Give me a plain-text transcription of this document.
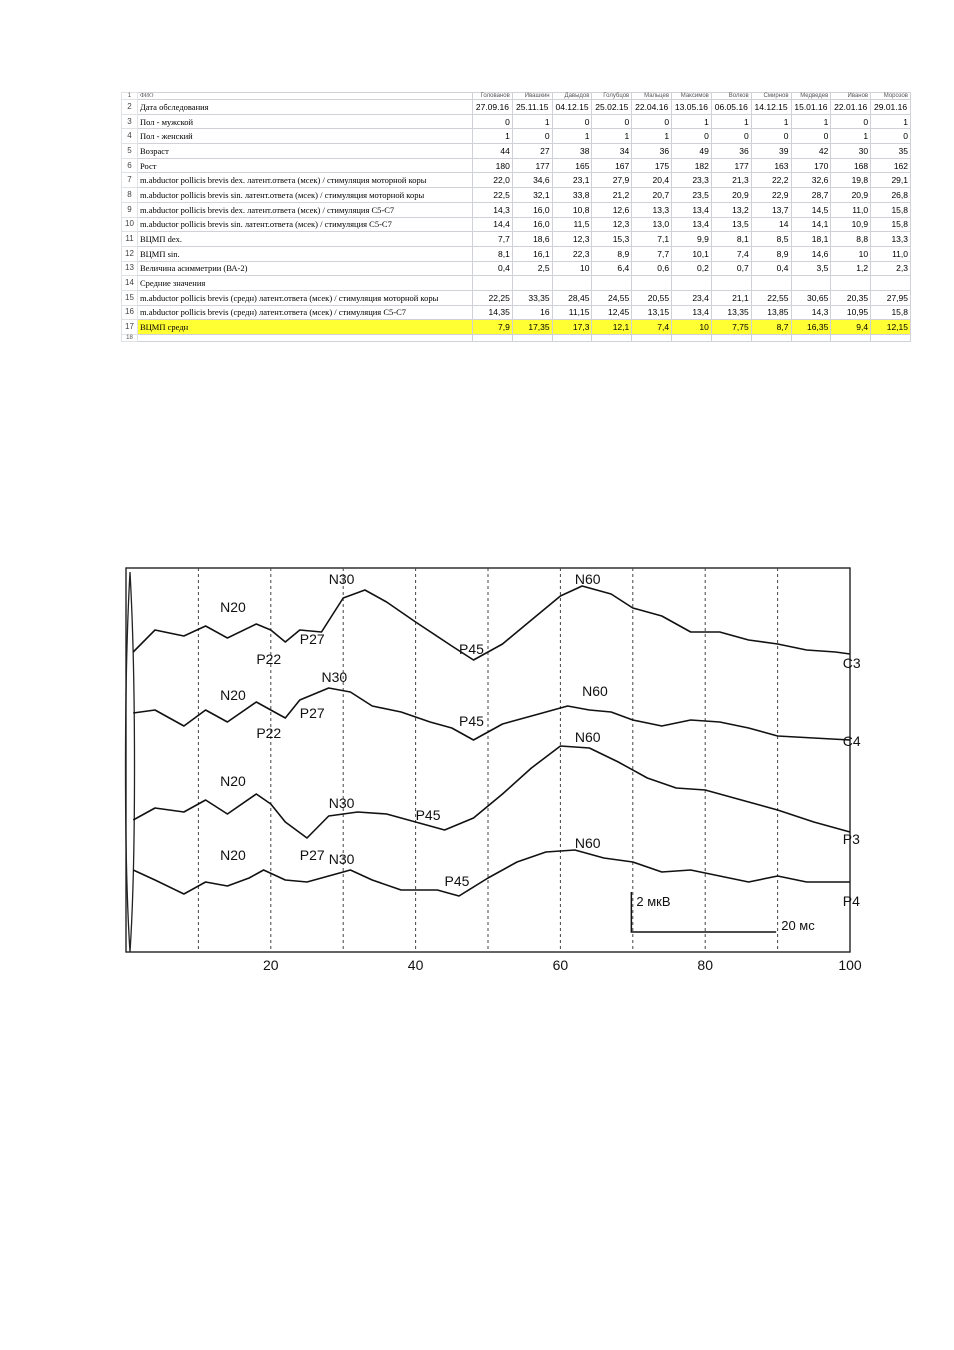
1	ФИО	Голованов	Ивашкин	Давыдов	Голубцов	Мальцев	Максимов	Волков	Смирнов	Медведев	Иванов	Морозов
2	Дата обследования	27.09.16	25.11.15	04.12.15	25.02.15	22.04.16	13.05.16	06.05.16	14.12.15	15.01.16	22.01.16	29.01.16
3	Пол - мужской	0	1	0	0	0	1	1	1	1	0	1
4	Пол - женский	1	0	1	1	1	0	0	0	0	1	0
5	Возраст	44	27	38	34	36	49	36	39	42	30	35
6	Рост	180	177	165	167	175	182	177	163	170	168	162
7	m.abductor pollicis brevis dex. латент.ответа (мсек) / стимуляция моторной коры	22,0	34,6	23,1	27,9	20,4	23,3	21,3	22,2	32,6	19,8	29,1
8	m.abductor pollicis brevis sin. латент.ответа (мсек) / стимуляция моторной коры	22,5	32,1	33,8	21,2	20,7	23,5	20,9	22,9	28,7	20,9	26,8
9	m.abductor pollicis brevis dex. латент.ответа (мсек) / стимуляция С5-С7	14,3	16,0	10,8	12,6	13,3	13,4	13,2	13,7	14,5	11,0	15,8
10	m.abductor pollicis brevis sin. латент.ответа (мсек) / стимуляция С5-С7	14,4	16,0	11,5	12,3	13,0	13,4	13,5	14	14,1	10,9	15,8
11	ВЦМП dex.	7,7	18,6	12,3	15,3	7,1	9,9	8,1	8,5	18,1	8,8	13,3
12	ВЦМП sin.	8,1	16,1	22,3	8,9	7,7	10,1	7,4	8,9	14,6	10	11,0
13	Величина асимметрии (ВА-2)	0,4	2,5	10	6,4	0,6	0,2	0,7	0,4	3,5	1,2	2,3
14	Средние значения											
15	m.abductor pollicis brevis (средн) латент.ответа (мсек) / стимуляция моторной коры	22,25	33,35	28,45	24,55	20,55	23,4	21,1	22,55	30,65	20,35	27,95
16	m.abductor pollicis brevis (средн) латент.ответа (мсек) / стимуляция С5-С7	14,35	16	11,15	12,45	13,15	13,4	13,35	13,85	14,3	10,95	15,8
17	ВЦМП средн	7,9	17,35	17,3	12,1	7,4	10	7,75	8,7	16,35	9,4	12,15
18												
N20
P22
P27
N30
P45
N60
C3
N20
P22
P27
N30
P45
N60
C4
N20
N30
P45
N60
P3
N20	P27 N30
P45
N60
P4
2 мкВ
20 мс
20	40	60	80	100
